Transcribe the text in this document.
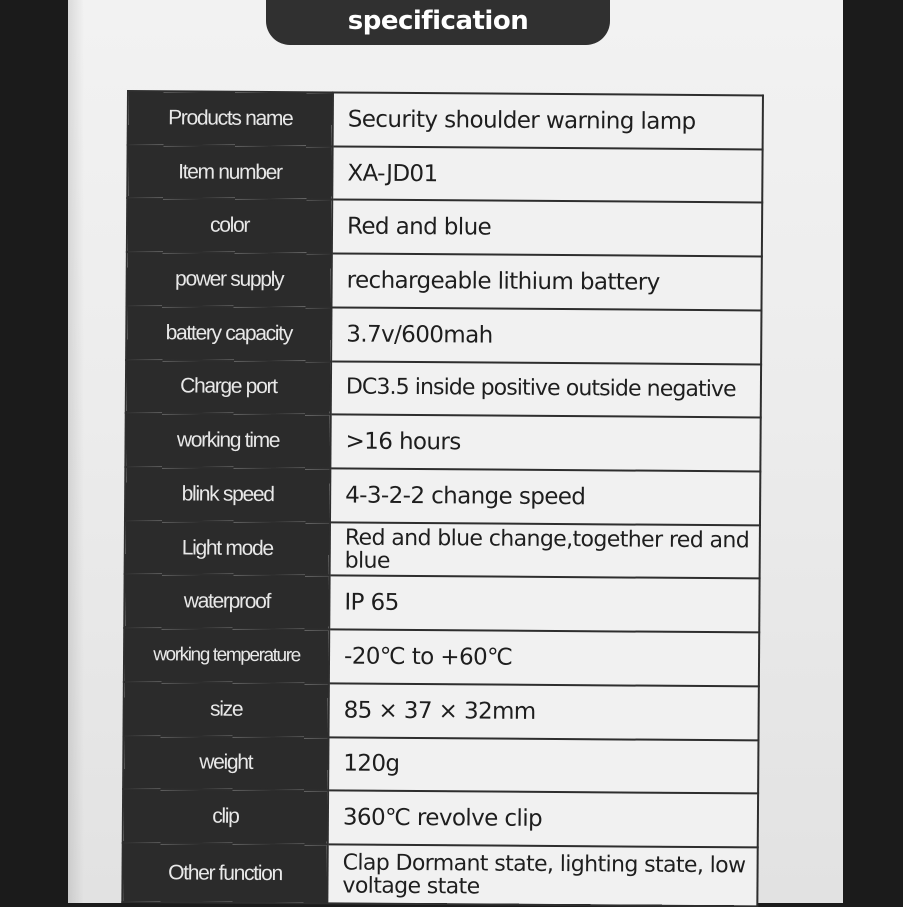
specification
Products name	Security shoulder warning lamp
Item number	XA-JD01
color	Red and blue
power supply	rechargeable lithium battery
battery capacity	3.7v/600mah
Charge port	DC3.5 inside positive outside negative
working time	>16 hours
blink speed	4-3-2-2 change speed
Light mode	Red and blue change,together red and blue
waterproof	IP 65
working temperature	-20℃ to +60℃
size	85 × 37 × 32mm
weight	120g
clip	360℃ revolve clip
Other function	Clap Dormant state, lighting state, low voltage state
